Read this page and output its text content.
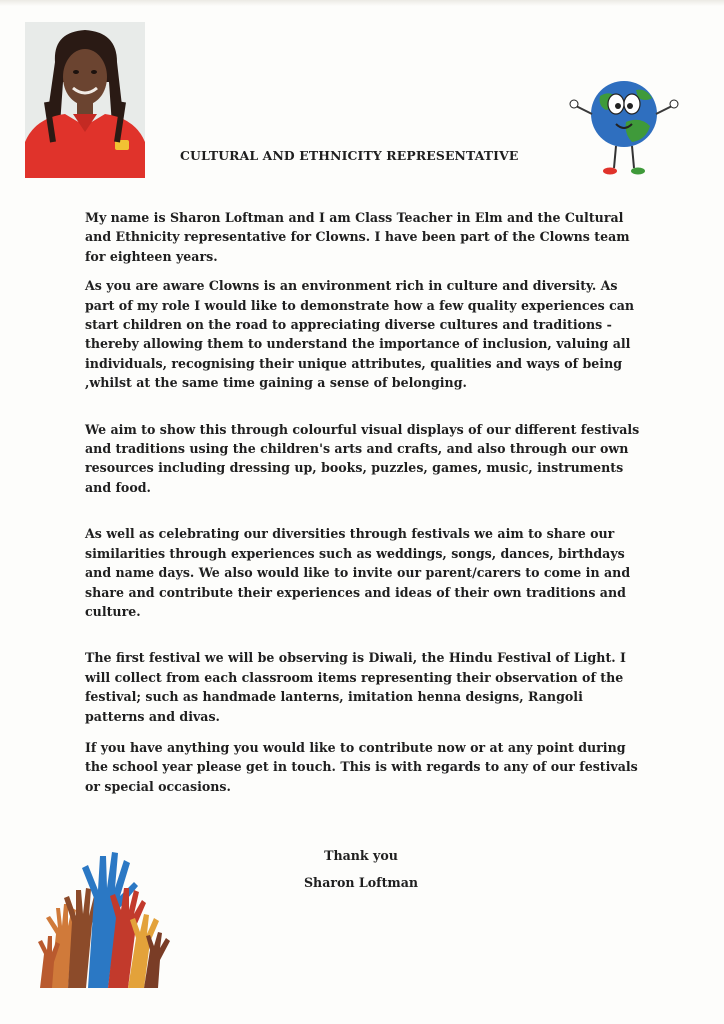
CULTURAL AND ETHNICITY REPRESENTATIVE

My name is Sharon Loftman and I am Class Teacher in Elm and the Cultural and Ethnicity representative for Clowns. I have been part of the Clowns team for eighteen years.

As you are aware Clowns is an environment rich in culture and diversity. As part of my role I would like to demonstrate how a few quality experiences can start children on the road to appreciating diverse cultures and traditions - thereby allowing them to understand the importance of inclusion, valuing all individuals, recognising their unique attributes, qualities and ways of being ,whilst at the same time gaining a sense of belonging.

We aim to show this through colourful visual displays of our different festivals and traditions using the children's arts and crafts, and also through our own resources including dressing up, books, puzzles, games, music, instruments and food.

As well as celebrating our diversities through festivals we aim to share our similarities through experiences such as weddings, songs, dances, birthdays and name days. We also would like to invite our parent/carers to come in and share and contribute their experiences and ideas of their own traditions and culture.

The first festival we will be observing is Diwali, the Hindu Festival of Light. I will collect from each classroom items representing their observation of the festival; such as handmade lanterns, imitation henna designs, Rangoli patterns and divas.

If you have anything you would like to contribute now or at any point during the school year please get in touch. This is with regards to any of our festivals or special occasions.

Thank you
Sharon Loftman
